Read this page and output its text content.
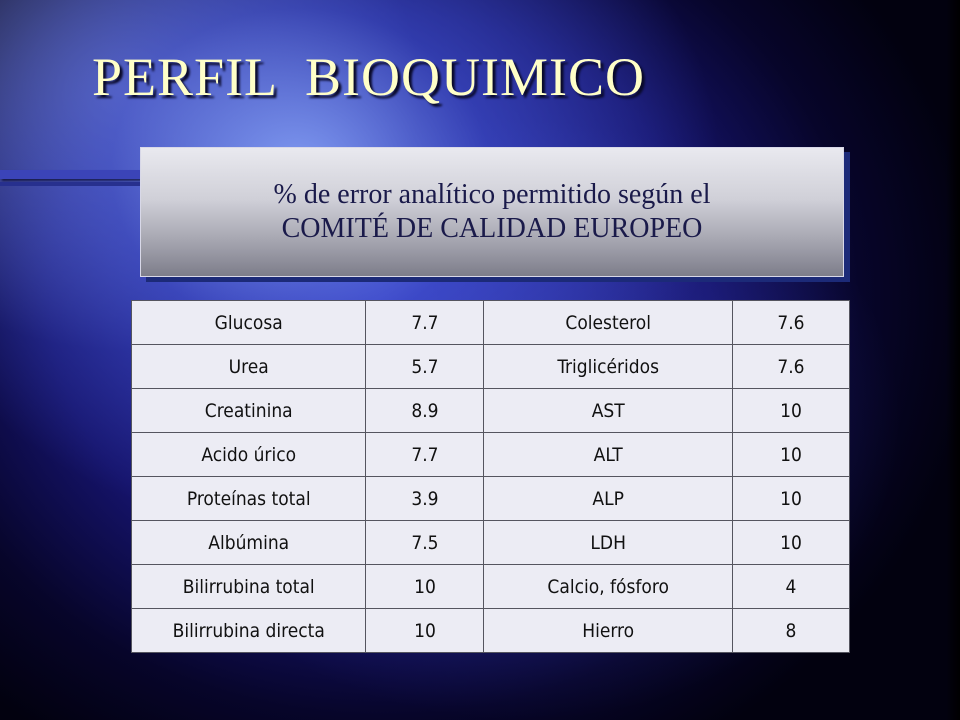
PERFIL  BIOQUIMICO
% de error analítico permitido según el
COMITÉ DE CALIDAD EUROPEO
Glucosa	7.7	Colesterol	7.6
Urea	5.7	Triglicéridos	7.6
Creatinina	8.9	AST	10
Acido úrico	7.7	ALT	10
Proteínas total	3.9	ALP	10
Albúmina	7.5	LDH	10
Bilirrubina total	10	Calcio, fósforo	4
Bilirrubina directa	10	Hierro	8
